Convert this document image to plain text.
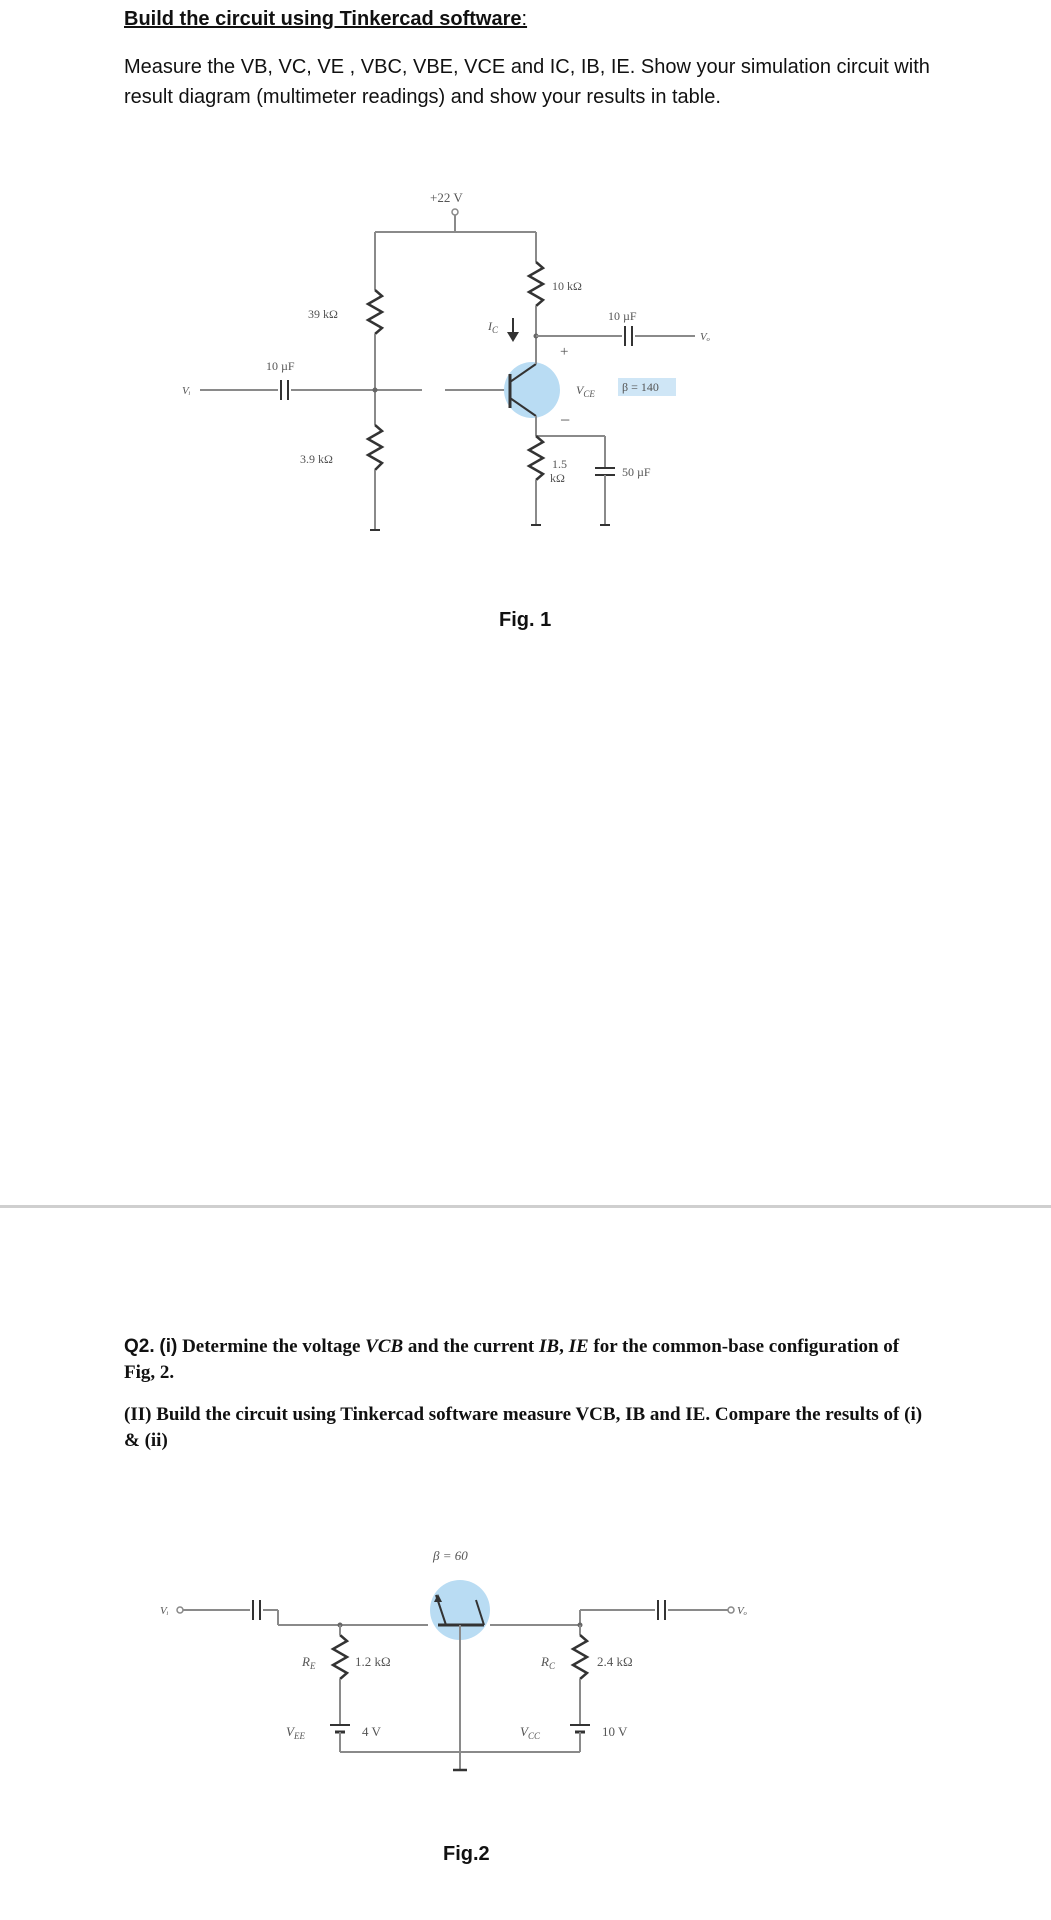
Build the circuit using Tinkercad software:

Measure the VB, VC, VE , VBC, VBE, VCE and IC, IB, IE. Show your simulation circuit with result diagram (multimeter readings) and show your results in table.

+22 V
39 kΩ
Vᵢ
10 µF
3.9 kΩ
10 kΩ
$I_C$
10 µF
Vₒ
+
$V_{CE}$ β = 140
−
1.5
kΩ	50 µF
Fig. 1
Q2. (i) Determine the voltage VCB and the current IB, IE for the common-base configuration of Fig, 2.
(II) Build the circuit using Tinkercad software measure VCB, IB and IE. Compare the results of (i) & (ii)
β = 60
Vᵢ
$R_E$	1.2 kΩ
$V_{EE}$	4 V
$R_C$	2.4 kΩ
$V_{CC}$	10 V
Vₒ
Fig.2
